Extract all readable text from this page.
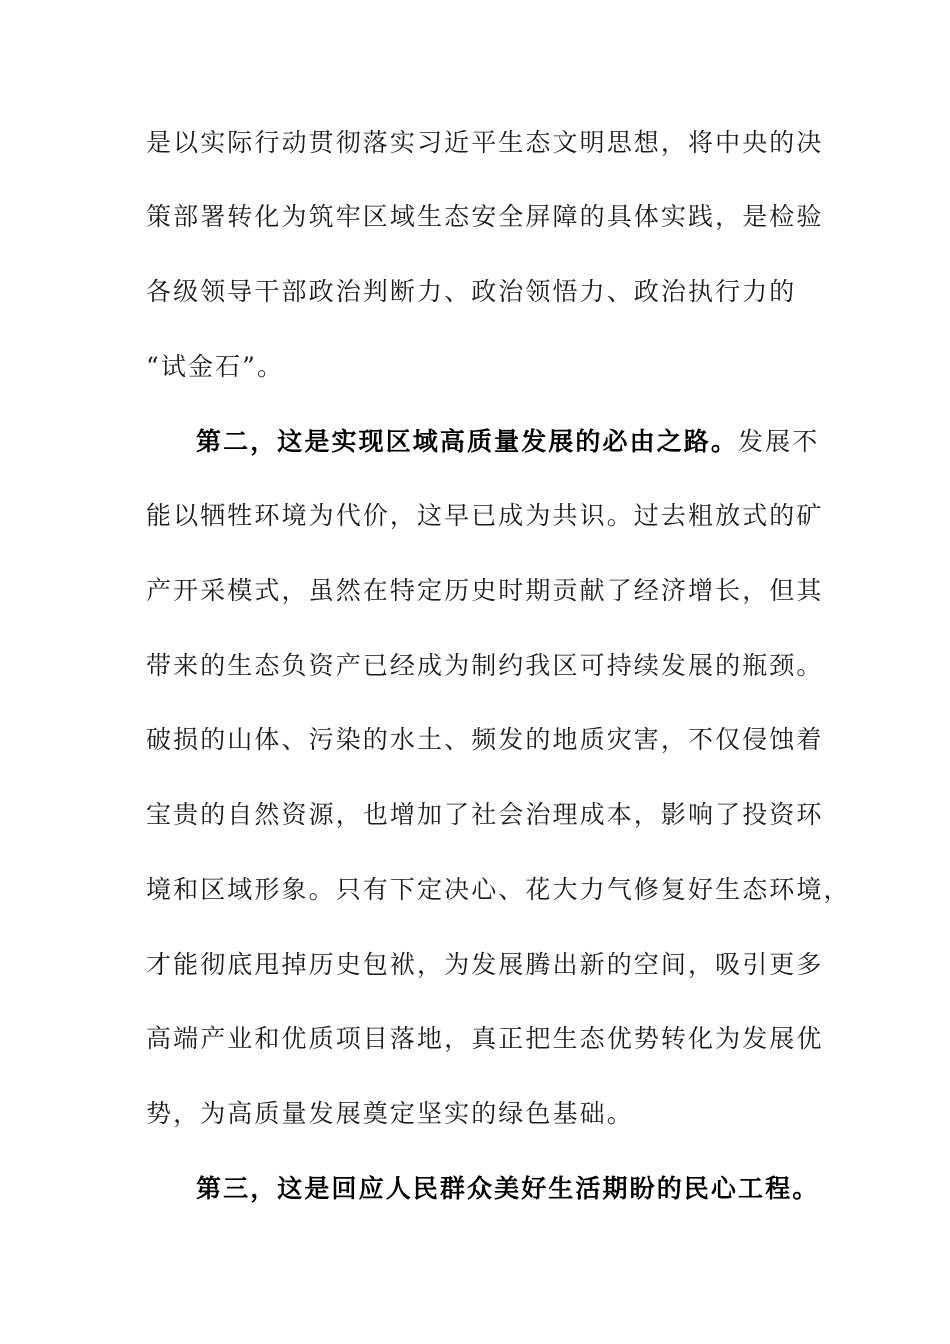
是以实际行动贯彻落实习近平生态文明思想，将中央的决
策部署转化为筑牢区域生态安全屏障的具体实践，是检验
各级领导干部政治判断力、政治领悟力、政治执行力的
“试金石”。
第二，这是实现区域高质量发展的必由之路。发展不
能以牺牲环境为代价，这早已成为共识。过去粗放式的矿
产开采模式，虽然在特定历史时期贡献了经济增长，但其
带来的生态负资产已经成为制约我区可持续发展的瓶颈。
破损的山体、污染的水土、频发的地质灾害，不仅侵蚀着
宝贵的自然资源，也增加了社会治理成本，影响了投资环
境和区域形象。只有下定决心、花大力气修复好生态环境，
才能彻底甩掉历史包袱，为发展腾出新的空间，吸引更多
高端产业和优质项目落地，真正把生态优势转化为发展优
势，为高质量发展奠定坚实的绿色基础。
第三，这是回应人民群众美好生活期盼的民心工程。
